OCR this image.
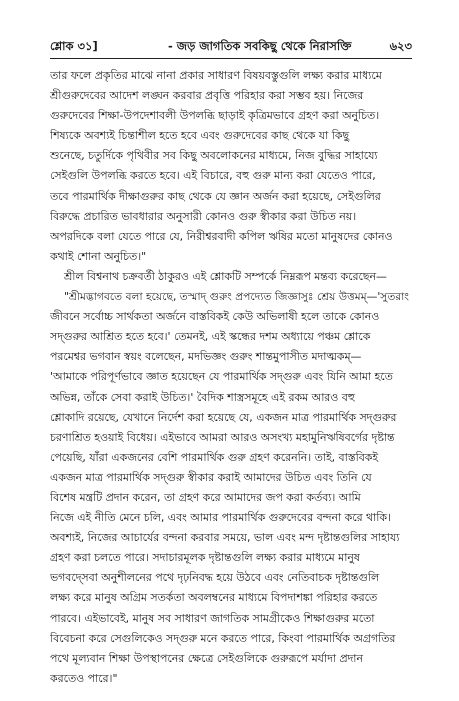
শ্লোক ৩১]	- জড় জাগতিক সবকিছু থেকে নিরাসক্তি	৬২৩
তার ফলে প্রকৃতির মাঝে নানা প্রকার সাধারণ বিষয়বস্তুগুলি লক্ষ্য করার মাধ্যমে
শ্রীগুরুদেবের আদেশ লঙ্ঘন করবার প্রবৃত্তি পরিহার করা সম্ভব হয়। নিজের
গুরুদেবের শিক্ষা-উপদেশাবলী উপলব্ধি ছাড়াই কৃত্রিমভাবে গ্রহণ করা অনুচিত।
শিষ্যকে অবশ্যই চিন্তাশীল হতে হবে এবং গুরুদেবের কাছ থেকে যা কিছু
শুনেছে, চতুর্দিকে পৃথিবীর সব কিছু অবলোকনের মাধ্যমে, নিজ বুদ্ধির সাহায্যে
সেইগুলি উপলব্ধি করতে হবে। এই বিচারে, বহু গুরু মান্য করা যেতেও পারে,
তবে পারমার্থিক দীক্ষাগুরুর কাছ থেকে যে জ্ঞান অর্জন করা হয়েছে, সেইগুলির
বিরুদ্ধে প্রচারিত ভাবধারার অনুসারী কোনও গুরু স্বীকার করা উচিত নয়।
অপরদিকে বলা যেতে পারে যে, নিরীশ্বরবাদী কপিল ঋষির মতো মানুষদের কোনও
কথাই শোনা অনুচিত।"
শ্রীল বিশ্বনাথ চক্রবর্তী ঠাকুরও এই শ্লোকটি সম্পর্কে নিম্নরূপ মন্তব্য করেছেন—
"শ্রীমদ্ভাগবতে বলা হয়েছে, তস্মাদ্ গুরুং প্রপদ্যেত জিজ্ঞাসুঃ শ্রেয় উত্তমম্—'সুতরাং
জীবনে সর্বোচ্চ সার্থকতা অর্জনে বাস্তবিকই কেউ অভিলাষী হলে তাকে কোনও
সদ্গুরুর আশ্রিত হতে হবে।' তেমনই, এই স্কন্ধের দশম অধ্যায়ে পঞ্চম শ্লোকে
পরমেশ্বর ভগবান স্বয়ং বলেছেন, মদভিজ্ঞং গুরুং শান্তমুপাসীত মদাত্মকম্—
'আমাকে পরিপূর্ণভাবে জ্ঞাত হয়েছেন যে পারমার্থিক সদ্গুরু এবং যিনি আমা হতে
অভিন্ন, তাঁকে সেবা করাই উচিত।' বৈদিক শাস্ত্রসমূহে এই রকম আরও বহু
শ্লোকাদি রয়েছে, যেখানে নির্দেশ করা হয়েছে যে, একজন মাত্র পারমার্থিক সদ্গুরুর
চরণাশ্রিত হওয়াই বিধেয়। এইভাবে আমরা আরও অসংখ্য মহামুনিঋষিবর্গের দৃষ্টান্ত
পেয়েছি, যাঁরা একজনের বেশি পারমার্থিক গুরু গ্রহণ করেননি। তাই, বাস্তবিকই
একজন মাত্র পারমার্থিক সদ্গুরু স্বীকার করাই আমাদের উচিত এবং তিনি যে
বিশেষ মন্ত্রটি প্রদান করেন, তা গ্রহণ করে আমাদের জপ করা কর্তব্য। আমি
নিজে এই নীতি মেনে চলি, এবং আমার পারমার্থিক গুরুদেবের বন্দনা করে থাকি।
অবশ্যই, নিজের আচার্যের বন্দনা করবার সময়ে, ভাল এবং মন্দ দৃষ্টান্তগুলির সাহায্য
গ্রহণ করা চলতে পারে। সদাচারমূলক দৃষ্টান্তগুলি লক্ষ্য করার মাধ্যমে মানুষ
ভগবদ্সেবা অনুশীলনের পথে দৃঢ়নিবদ্ধ হয়ে উঠবে এবং নেতিবাচক দৃষ্টান্তগুলি
লক্ষ্য করে মানুষ অগ্রিম সতর্কতা অবলম্বনের মাধ্যমে বিপদাশঙ্কা পরিহার করতে
পারবে। এইভাবেই, মানুষ সব সাধারণ জাগতিক সামগ্রীকেও শিক্ষাগুরুর মতো
বিবেচনা করে সেগুলিকেও সদ্গুরু মনে করতে পারে, কিংবা পারমার্থিক অগ্রগতির
পথে মূল্যবান শিক্ষা উপস্থাপনের ক্ষেত্রে সেইগুলিকে গুরুরূপে মর্যাদা প্রদান
করতেও পারে।"
